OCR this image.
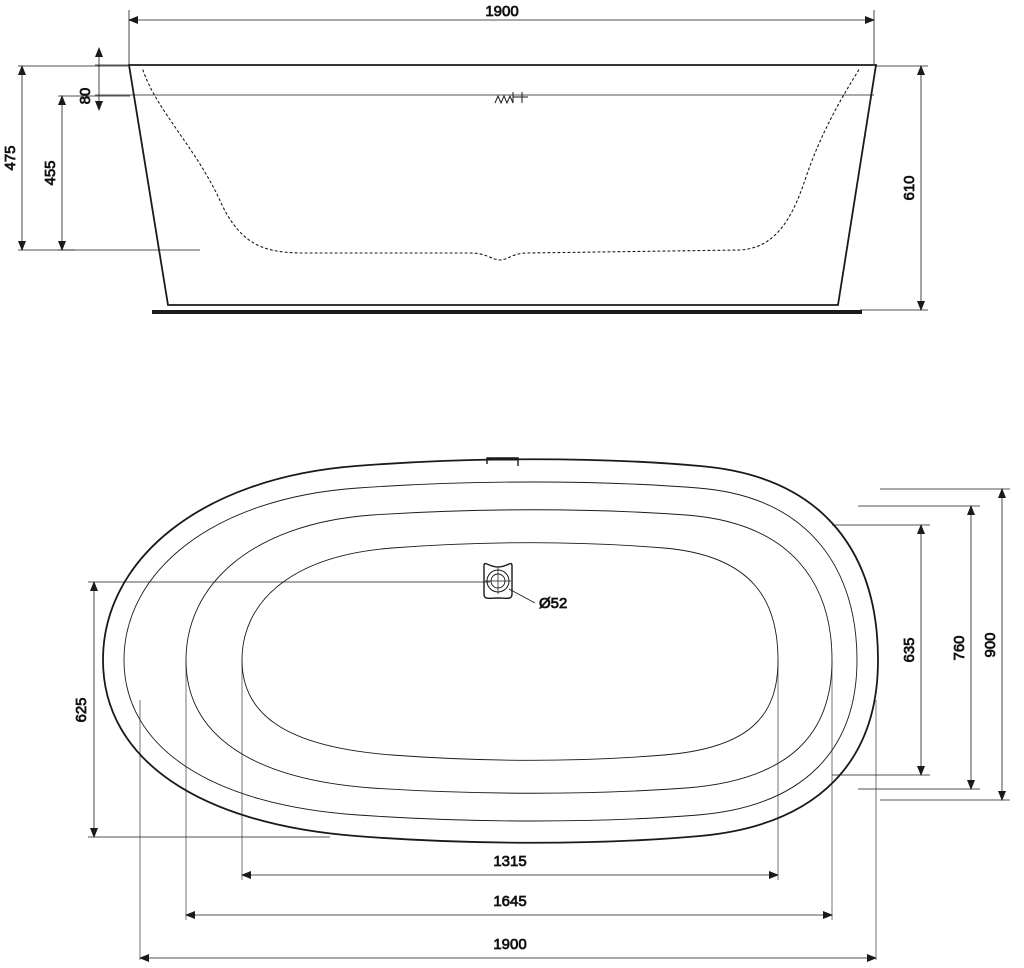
1900
80
475
455
610
Ø52
900
760
635
625
1315
1645
1900
